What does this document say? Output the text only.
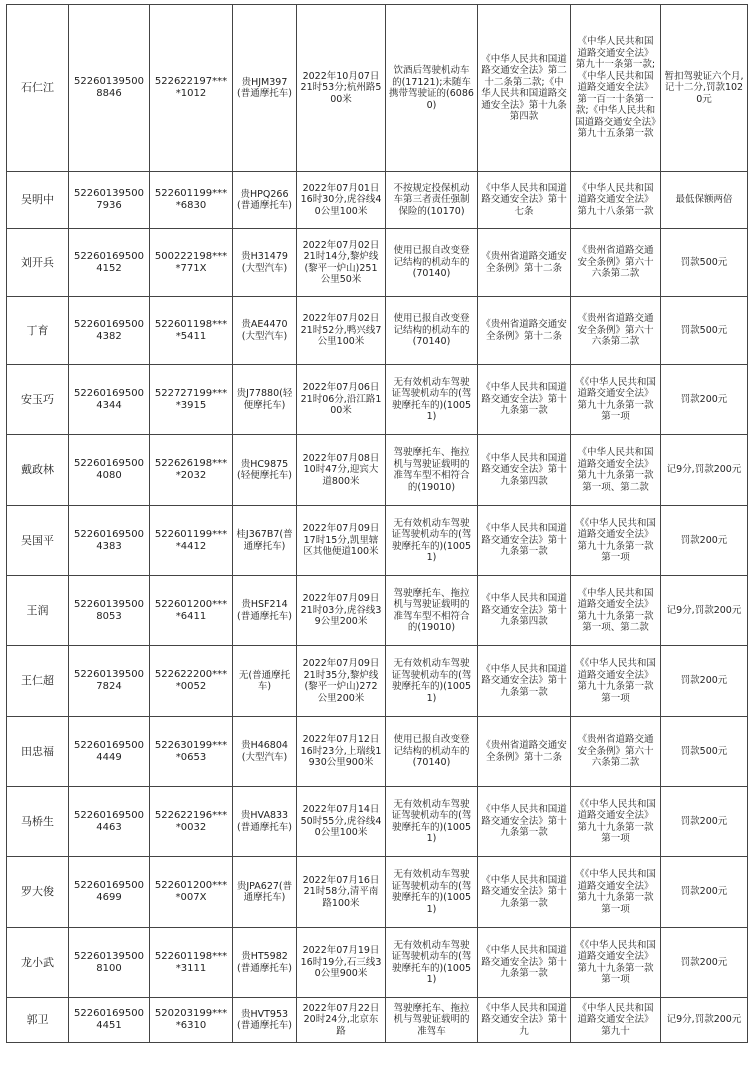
石仁江	522601395008846	522622197****1012	贵HJM397(普通摩托车)	2022年10月07日21时53分;杭州路500米	饮酒后驾驶机动车的(17121);未随车携带驾驶证的(60860)	《中华人民共和国道路交通安全法》第二十二条第二款;《中华人民共和国道路交通安全法》第十九条第四款	《中华人民共和国道路交通安全法》第九十一条第一款;《中华人民共和国道路交通安全法》第一百一十条第一款;《中华人民共和国道路交通安全法》第九十五条第一款	暂扣驾驶证六个月,记十二分,罚款1020元
吴明中	522601395007936	522601199****6830	贵HPQ266(普通摩托车)	2022年07月01日16时30分,虎谷线40公里100米	不按规定投保机动车第三者责任强制保险的(10170)	《中华人民共和国道路交通安全法》第十七条	《中华人民共和国道路交通安全法》第九十八条第一款	最低保额两倍
刘开兵	522601695004152	500222198****771X	贵H31479(大型汽车)	2022年07月02日21时14分,黎炉线(黎平一炉山)251公里50米	使用已报自改变登记结构的机动车的(70140)	《贵州省道路交通安全条例》第十二条	《贵州省道路交通安全条例》第六十六条第二款	罚款500元
丁育	522601695004382	522601198****5411	贵AE4470(大型汽车)	2022年07月02日21时52分,鸭兴线7公里100米	使用已报自改变登记结构的机动车的(70140)	《贵州省道路交通安全条例》第十二条	《贵州省道路交通安全条例》第六十六条第二款	罚款500元
安玉巧	522601695004344	522727199****3915	贵J77880(轻便摩托车)	2022年07月06日21时06分,沿江路100米	无有效机动车驾驶证驾驶机动车的(驾驶摩托车的)(10051)	《中华人民共和国道路交通安全法》第十九条第一款	《《中华人民共和国道路交通安全法》第九十九条第一款第一项	罚款200元
戴政林	522601695004080	522626198****2032	贵HC9875(轻便摩托车)	2022年07月08日10时47分,迎宾大道800米	驾驶摩托车、拖拉机与驾驶证载明的准驾车型不相符合的(19010)	《中华人民共和国道路交通安全法》第十九条第四款	《中华人民共和国道路交通安全法》第九十九条第一款第一项、第二款	记9分,罚款200元
吴国平	522601695004383	522601199****4412	桂J367B7(普通摩托车)	2022年07月09日17时15分,凯里辖区其他便道100米	无有效机动车驾驶证驾驶机动车的(驾驶摩托车的)(10051)	《中华人民共和国道路交通安全法》第十九条第一款	《《中华人民共和国道路交通安全法》第九十九条第一款第一项	罚款200元
王润	522601395008053	522601200****6411	贵HSF214(普通摩托车)	2022年07月09日21时03分,虎谷线39公里200米	驾驶摩托车、拖拉机与驾驶证载明的准驾车型不相符合的(19010)	《中华人民共和国道路交通安全法》第十九条第四款	《中华人民共和国道路交通安全法》第九十九条第一款第一项、第二款	记9分,罚款200元
王仁超	522601395007824	522622200****0052	无(普通摩托车)	2022年07月09日21时35分,黎炉线(黎平一炉山)272公里200米	无有效机动车驾驶证驾驶机动车的(驾驶摩托车的)(10051)	《中华人民共和国道路交通安全法》第十九条第一款	《《中华人民共和国道路交通安全法》第九十九条第一款第一项	罚款200元
田忠福	522601695004449	522630199****0653	贵H46804(大型汽车)	2022年07月12日16时23分,上瑞线1930公里900米	使用已报自改变登记结构的机动车的(70140)	《贵州省道路交通安全条例》第十二条	《贵州省道路交通安全条例》第六十六条第二款	罚款500元
马桥生	522601695004463	522622196****0032	贵HVA833(普通摩托车)	2022年07月14日50时55分,虎谷线40公里100米	无有效机动车驾驶证驾驶机动车的(驾驶摩托车的)(10051)	《中华人民共和国道路交通安全法》第十九条第一款	《《中华人民共和国道路交通安全法》第九十九条第一款第一项	罚款200元
罗大俊	522601695004699	522601200****007X	贵JPA627(普通摩托车)	2022年07月16日21时58分,清平南路100米	无有效机动车驾驶证驾驶机动车的(驾驶摩托车的)(10051)	《中华人民共和国道路交通安全法》第十九条第一款	《《中华人民共和国道路交通安全法》第九十九条第一款第一项	罚款200元
龙小武	522601395008100	522601198****3111	贵HT5982(普通摩托车)	2022年07月19日16时19分,石三线30公里900米	无有效机动车驾驶证驾驶机动车的(驾驶摩托车的)(10051)	《中华人民共和国道路交通安全法》第十九条第一款	《《中华人民共和国道路交通安全法》第九十九条第一款第一项	罚款200元
郭卫	522601695004451	520203199****6310	贵HVT953(普通摩托车)	2022年07月22日20时24分,北京东路	驾驶摩托车、拖拉机与驾驶证载明的准驾车	《中华人民共和国道路交通安全法》第十九	《中华人民共和国道路交通安全法》第九十	记9分,罚款200元
